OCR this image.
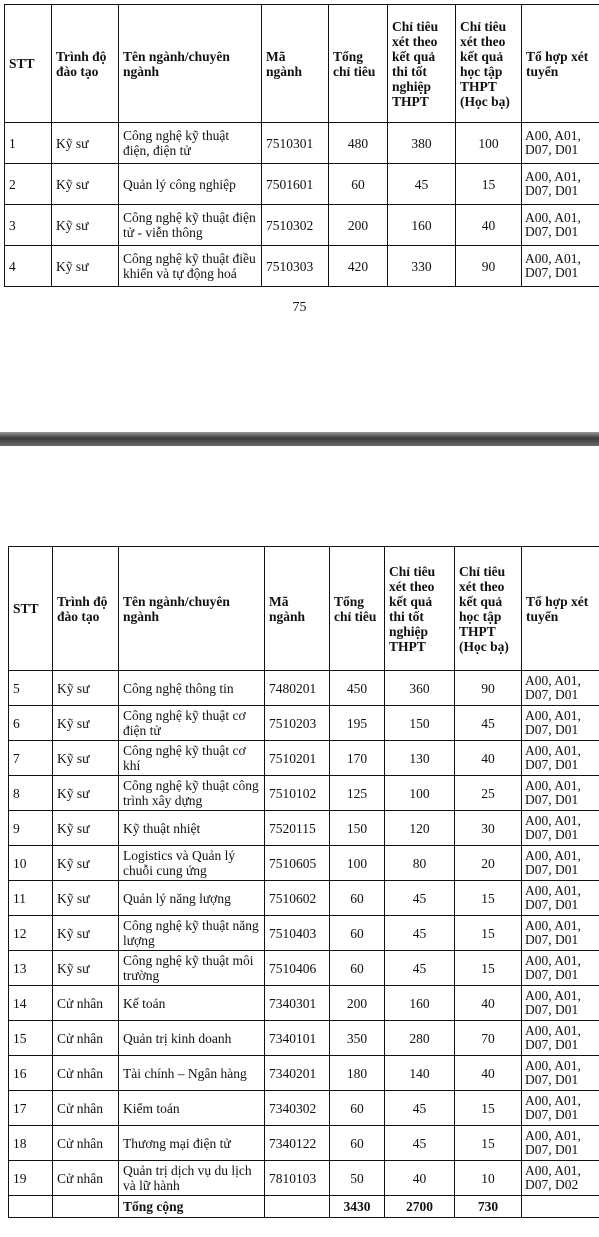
STT	Trình độ đào tạo	Tên ngành/chuyên ngành	Mã ngành	Tổng chỉ tiêu	Chỉ tiêu xét theo kết quả thi tốt nghiệp THPT	Chỉ tiêu xét theo kết quả học tập THPT (Học bạ)	Tổ hợp xét tuyển
1	Kỹ sư	Công nghệ kỹ thuật điện, điện tử	7510301	480	380	100	A00, A01, D07, D01
2	Kỹ sư	Quản lý công nghiệp	7501601	60	45	15	A00, A01, D07, D01
3	Kỹ sư	Công nghệ kỹ thuật điện tử - viễn thông	7510302	200	160	40	A00, A01, D07, D01
4	Kỹ sư	Công nghệ kỹ thuật điều khiển và tự động hoá	7510303	420	330	90	A00, A01, D07, D01
75
STT	Trình độ đào tạo	Tên ngành/chuyên ngành	Mã ngành	Tổng chỉ tiêu	Chỉ tiêu xét theo kết quả thi tốt nghiệp THPT	Chỉ tiêu xét theo kết quả học tập THPT (Học bạ)	Tổ hợp xét tuyển
5	Kỹ sư	Công nghệ thông tin	7480201	450	360	90	A00, A01, D07, D01
6	Kỹ sư	Công nghệ kỹ thuật cơ điện tử	7510203	195	150	45	A00, A01, D07, D01
7	Kỹ sư	Công nghệ kỹ thuật cơ khí	7510201	170	130	40	A00, A01, D07, D01
8	Kỹ sư	Công nghệ kỹ thuật công trình xây dựng	7510102	125	100	25	A00, A01, D07, D01
9	Kỹ sư	Kỹ thuật nhiệt	7520115	150	120	30	A00, A01, D07, D01
10	Kỹ sư	Logistics và Quản lý chuỗi cung ứng	7510605	100	80	20	A00, A01, D07, D01
11	Kỹ sư	Quản lý năng lượng	7510602	60	45	15	A00, A01, D07, D01
12	Kỹ sư	Công nghệ kỹ thuật năng lượng	7510403	60	45	15	A00, A01, D07, D01
13	Kỹ sư	Công nghệ kỹ thuật môi trường	7510406	60	45	15	A00, A01, D07, D01
14	Cử nhân	Kế toán	7340301	200	160	40	A00, A01, D07, D01
15	Cử nhân	Quản trị kinh doanh	7340101	350	280	70	A00, A01, D07, D01
16	Cử nhân	Tài chính – Ngân hàng	7340201	180	140	40	A00, A01, D07, D01
17	Cử nhân	Kiểm toán	7340302	60	45	15	A00, A01, D07, D01
18	Cử nhân	Thương mại điện tử	7340122	60	45	15	A00, A01, D07, D01
19	Cử nhân	Quản trị dịch vụ du lịch và lữ hành	7810103	50	40	10	A00, A01, D07, D02
		Tổng cộng		3430	2700	730	
